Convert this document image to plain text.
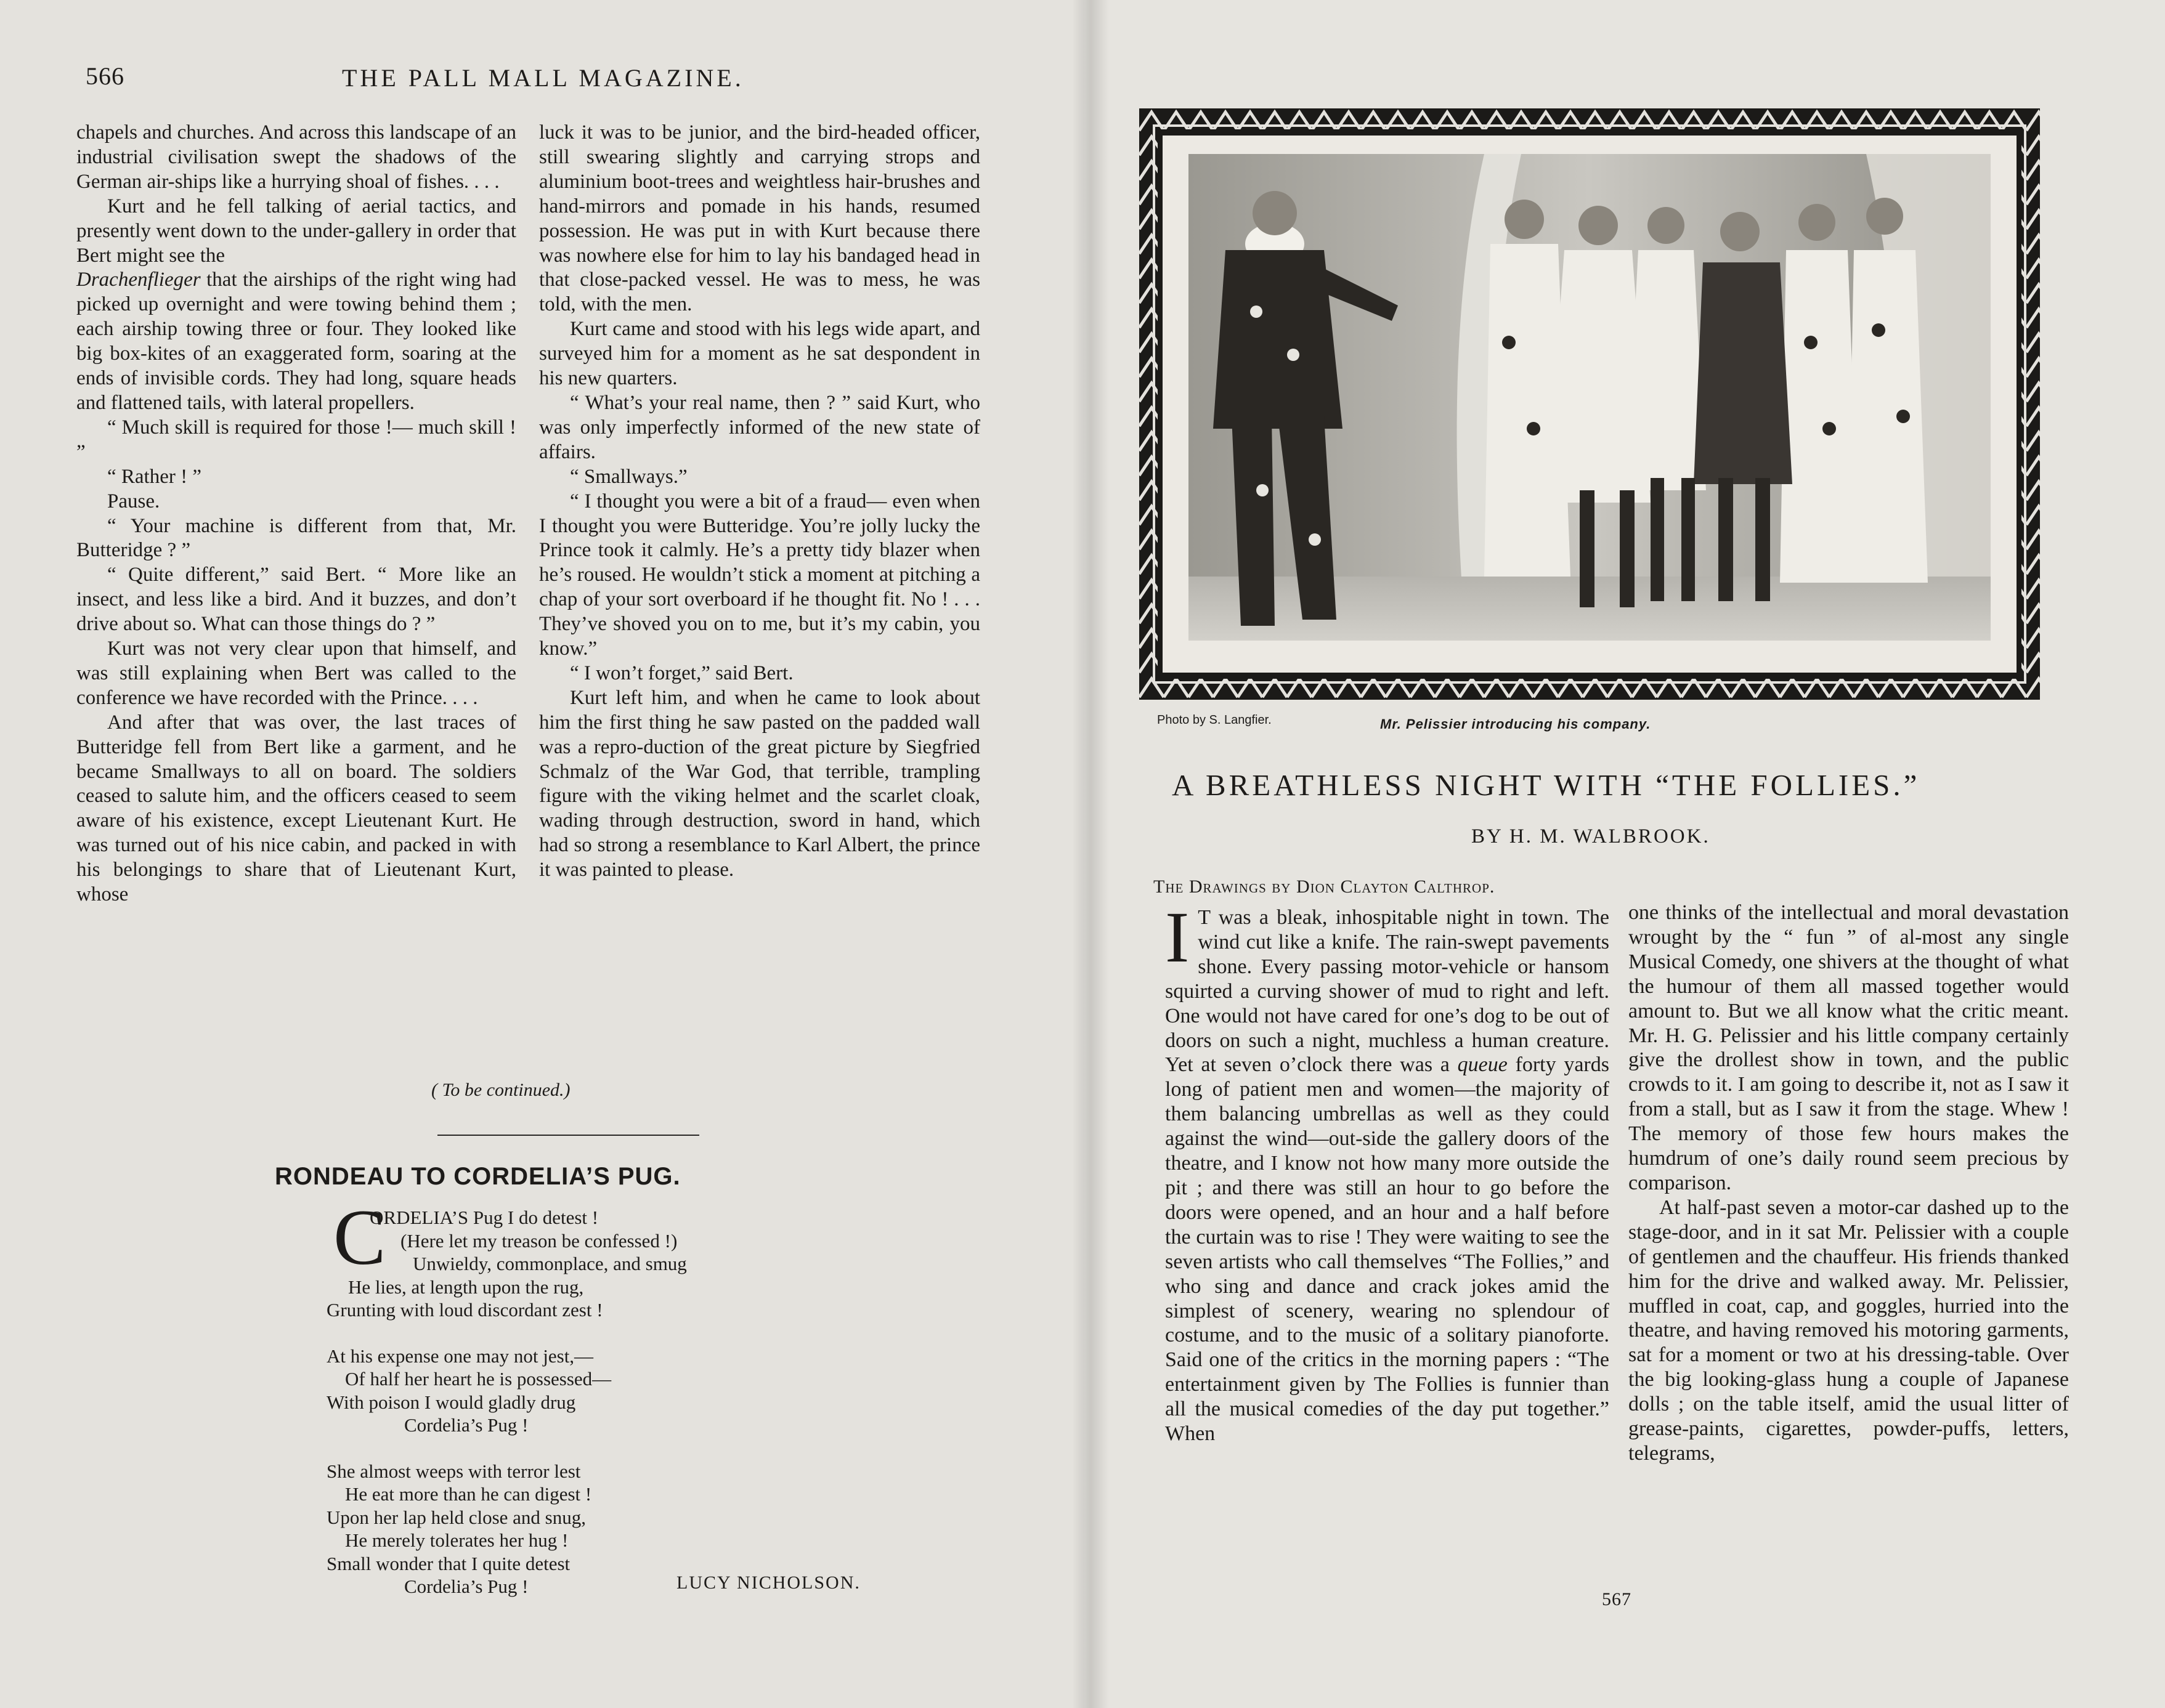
566	THE PALL MALL MAGAZINE.

chapels and churches. And across this landscape of an industrial civilisation swept the shadows of the German air-ships like a hurrying shoal of fishes. . . .

Kurt and he fell talking of aerial tactics, and presently went down to the under-gallery in order that Bert might see the

Drachenflieger that the airships of the right wing had picked up overnight and were towing behind them ; each airship towing three or four. They looked like big box-kites of an exaggerated form, soaring at the ends of invisible cords. They had long, square heads and flattened tails, with lateral propellers.

“ Much skill is required for those !— much skill ! ”

“ Rather ! ”

Pause.

“ Your machine is different from that, Mr. Butteridge ? ”

“ Quite different,” said Bert. “ More like an insect, and less like a bird. And it buzzes, and don’t drive about so. What can those things do ? ”

Kurt was not very clear upon that himself, and was still explaining when Bert was called to the conference we have recorded with the Prince. . . .

And after that was over, the last traces of Butteridge fell from Bert like a garment, and he became Smallways to all on board. The soldiers ceased to salute him, and the officers ceased to seem aware of his existence, except Lieutenant Kurt. He was turned out of his nice cabin, and packed in with his belongings to share that of Lieutenant Kurt, whose

luck it was to be junior, and the bird-headed officer, still swearing slightly and carrying strops and aluminium boot-trees and weightless hair-brushes and hand-mirrors and pomade in his hands, resumed possession. He was put in with Kurt because there was nowhere else for him to lay his bandaged head in that close-packed vessel. He was to mess, he was told, with the men.

Kurt came and stood with his legs wide apart, and surveyed him for a moment as he sat despondent in his new quarters.

“ What’s your real name, then ? ” said Kurt, who was only imperfectly informed of the new state of affairs.

“ Smallways.”

“ I thought you were a bit of a fraud— even when I thought you were Butteridge. You’re jolly lucky the Prince took it calmly. He’s a pretty tidy blazer when he’s roused. He wouldn’t stick a moment at pitching a chap of your sort overboard if he thought fit. No ! . . . They’ve shoved you on to me, but it’s my cabin, you know.”

“ I won’t forget,” said Bert.

Kurt left him, and when he came to look about him the first thing he saw pasted on the padded wall was a repro-duction of the great picture by Siegfried Schmalz of the War God, that terrible, trampling figure with the viking helmet and the scarlet cloak, wading through destruction, sword in hand, which had so strong a resemblance to Karl Albert, the prince it was painted to please.

( To be continued.)
RONDEAU TO CORDELIA’S PUG.
C
ORDELIA’S Pug I do detest !
(Here let my treason be confessed !)
Unwieldy, commonplace, and smug
He lies, at length upon the rug,
Grunting with loud discordant zest !
At his expense one may not jest,—
Of half her heart he is possessed—
With poison I would gladly drug
Cordelia’s Pug !
She almost weeps with terror lest
He eat more than he can digest !
Upon her lap held close and snug,
He merely tolerates her hug !
Small wonder that I quite detest
Cordelia’s Pug !	LUCY NICHOLSON.
Photo by S. Langfier.	Mr. Pelissier introducing his company.
A BREATHLESS NIGHT WITH “THE FOLLIES.”
BY H. M. WALBROOK.
The Drawings by Dion Clayton Calthrop.

I T was a bleak, inhospitable night in town. The wind cut like a knife. The rain-swept pavements shone. Every passing motor-vehicle or hansom squirted a curving shower of mud to right and left. One would not have cared for one’s dog to be out of doors on such a night, muchless a human creature. Yet at seven o’clock there was a queue forty yards long of patient men and women—the majority of them balancing umbrellas as well as they could against the wind—out-side the gallery doors of the theatre, and I know not how many more outside the pit ; and there was still an hour to go before the doors were opened, and an hour and a half before the curtain was to rise ! They were waiting to see the seven artists who call themselves “The Follies,” and who sing and dance and crack jokes amid the simplest of scenery, wearing no splendour of costume, and to the music of a solitary pianoforte. Said one of the critics in the morning papers : “The entertainment given by The Follies is funnier than all the musical comedies of the day put together.” When

one thinks of the intellectual and moral devastation wrought by the “ fun ” of al-most any single Musical Comedy, one shivers at the thought of what the humour of them all massed together would amount to. But we all know what the critic meant. Mr. H. G. Pelissier and his little company certainly give the drollest show in town, and the public crowds to it. I am going to describe it, not as I saw it from a stall, but as I saw it from the stage. Whew ! The memory of those few hours makes the humdrum of one’s daily round seem precious by comparison.

At half-past seven a motor-car dashed up to the stage-door, and in it sat Mr. Pelissier with a couple of gentlemen and the chauffeur. His friends thanked him for the drive and walked away. Mr. Pelissier, muffled in coat, cap, and goggles, hurried into the theatre, and having removed his motoring garments, sat for a moment or two at his dressing-table. Over the big looking-glass hung a couple of Japanese dolls ; on the table itself, amid the usual litter of grease-paints, cigarettes, powder-puffs, letters, telegrams,

567
